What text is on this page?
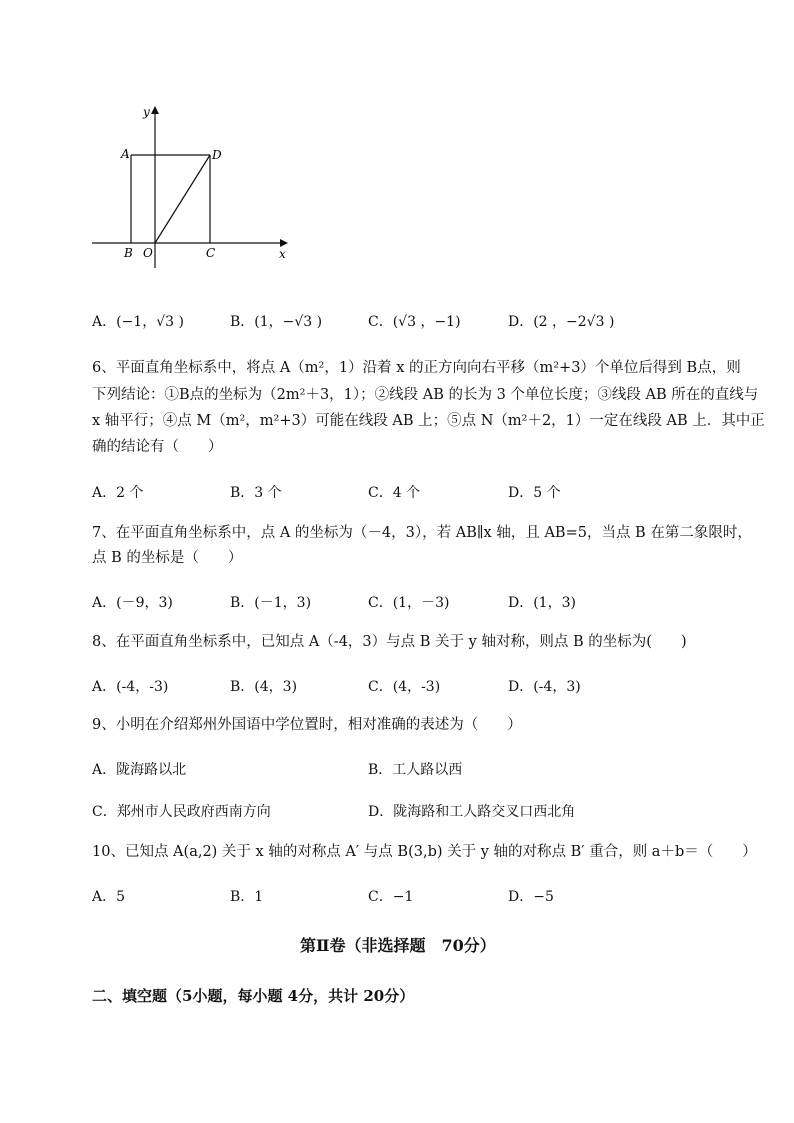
y
x
A	D
B O	C
A．(−1，√3 )	B．(1，−√3 )	C．(√3 ，−1)	D．(2 ，−2√3 )
6、平面直角坐标系中，将点 A（m²，1）沿着 x 的正方向向右平移（m²+3）个单位后得到 B点，则
下列结论：①B点的坐标为（2m²＋3，1）；②线段 AB 的长为 3 个单位长度；③线段 AB 所在的直线与
x 轴平行；④点 M（m²，m²+3）可能在线段 AB 上；⑤点 N（m²＋2，1）一定在线段 AB 上．其中正
确的结论有（　　）
A．2 个	B．3 个	C．4 个	D．5 个
7、在平面直角坐标系中，点 A 的坐标为（－4，3），若 AB∥x 轴，且 AB=5，当点 B 在第二象限时，
点 B 的坐标是（　　）
A．(－9，3)	B．(－1，3)	C．(1，－3)	D．(1，3)
8、在平面直角坐标系中，已知点 A（-4，3）与点 B 关于 y 轴对称，则点 B 的坐标为(　　)
A．(-4，-3)	B．(4，3)	C．(4，-3)	D．(-4，3)
9、小明在介绍郑州外国语中学位置时，相对准确的表述为（　　）
A．陇海路以北	B．工人路以西
C．郑州市人民政府西南方向	D．陇海路和工人路交叉口西北角
10、已知点 A(a,2) 关于 x 轴的对称点 A′ 与点 B(3,b) 关于 y 轴的对称点 B′ 重合，则 a＋b＝（　　）
A．5	B．1	C．−1	D．−5
第Ⅱ卷（非选择题　70分）
二、填空题（5小题，每小题 4分，共计 20分）
